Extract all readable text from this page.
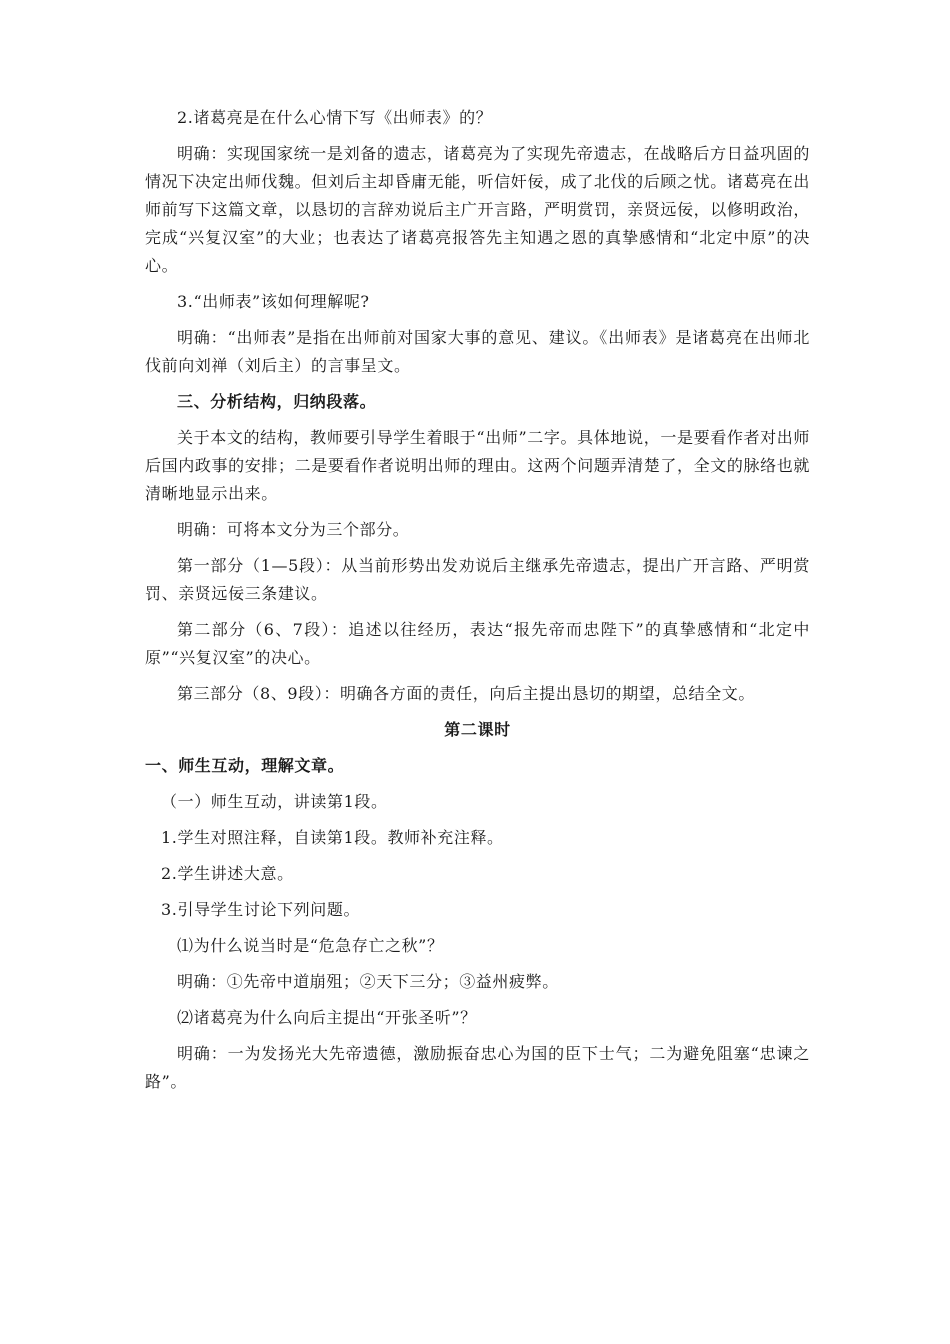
2.诸葛亮是在什么心情下写《出师表》的？

明确：实现国家统一是刘备的遗志，诸葛亮为了实现先帝遗志，在战略后方日益巩固的情况下决定出师伐魏。但刘后主却昏庸无能，听信奸佞，成了北伐的后顾之忧。诸葛亮在出师前写下这篇文章，以恳切的言辞劝说后主广开言路，严明赏罚，亲贤远佞，以修明政治，完成“兴复汉室”的大业；也表达了诸葛亮报答先主知遇之恩的真挚感情和“北定中原”的决心。

3.“出师表”该如何理解呢?

明确：“出师表”是指在出师前对国家大事的意见、建议。《出师表》是诸葛亮在出师北伐前向刘禅（刘后主）的言事呈文。

三、分析结构，归纳段落。

关于本文的结构，教师要引导学生着眼于“出师”二字。具体地说，一是要看作者对出师后国内政事的安排；二是要看作者说明出师的理由。这两个问题弄清楚了，全文的脉络也就清晰地显示出来。

明确：可将本文分为三个部分。

第一部分（1—5段）：从当前形势出发劝说后主继承先帝遗志，提出广开言路、严明赏罚、亲贤远佞三条建议。

第二部分（6、7段）：追述以往经历，表达“报先帝而忠陛下”的真挚感情和“北定中原”“兴复汉室”的决心。

第三部分（8、9段）：明确各方面的责任，向后主提出恳切的期望，总结全文。

第二课时

一、师生互动，理解文章。

（一）师生互动，讲读第1段。

1.学生对照注释，自读第1段。教师补充注释。

2.学生讲述大意。

3.引导学生讨论下列问题。

⑴为什么说当时是“危急存亡之秋”？

明确：①先帝中道崩殂；②天下三分；③益州疲弊。

⑵诸葛亮为什么向后主提出“开张圣听”？

明确：一为发扬光大先帝遗德，激励振奋忠心为国的臣下士气；二为避免阻塞“忠谏之路”。
